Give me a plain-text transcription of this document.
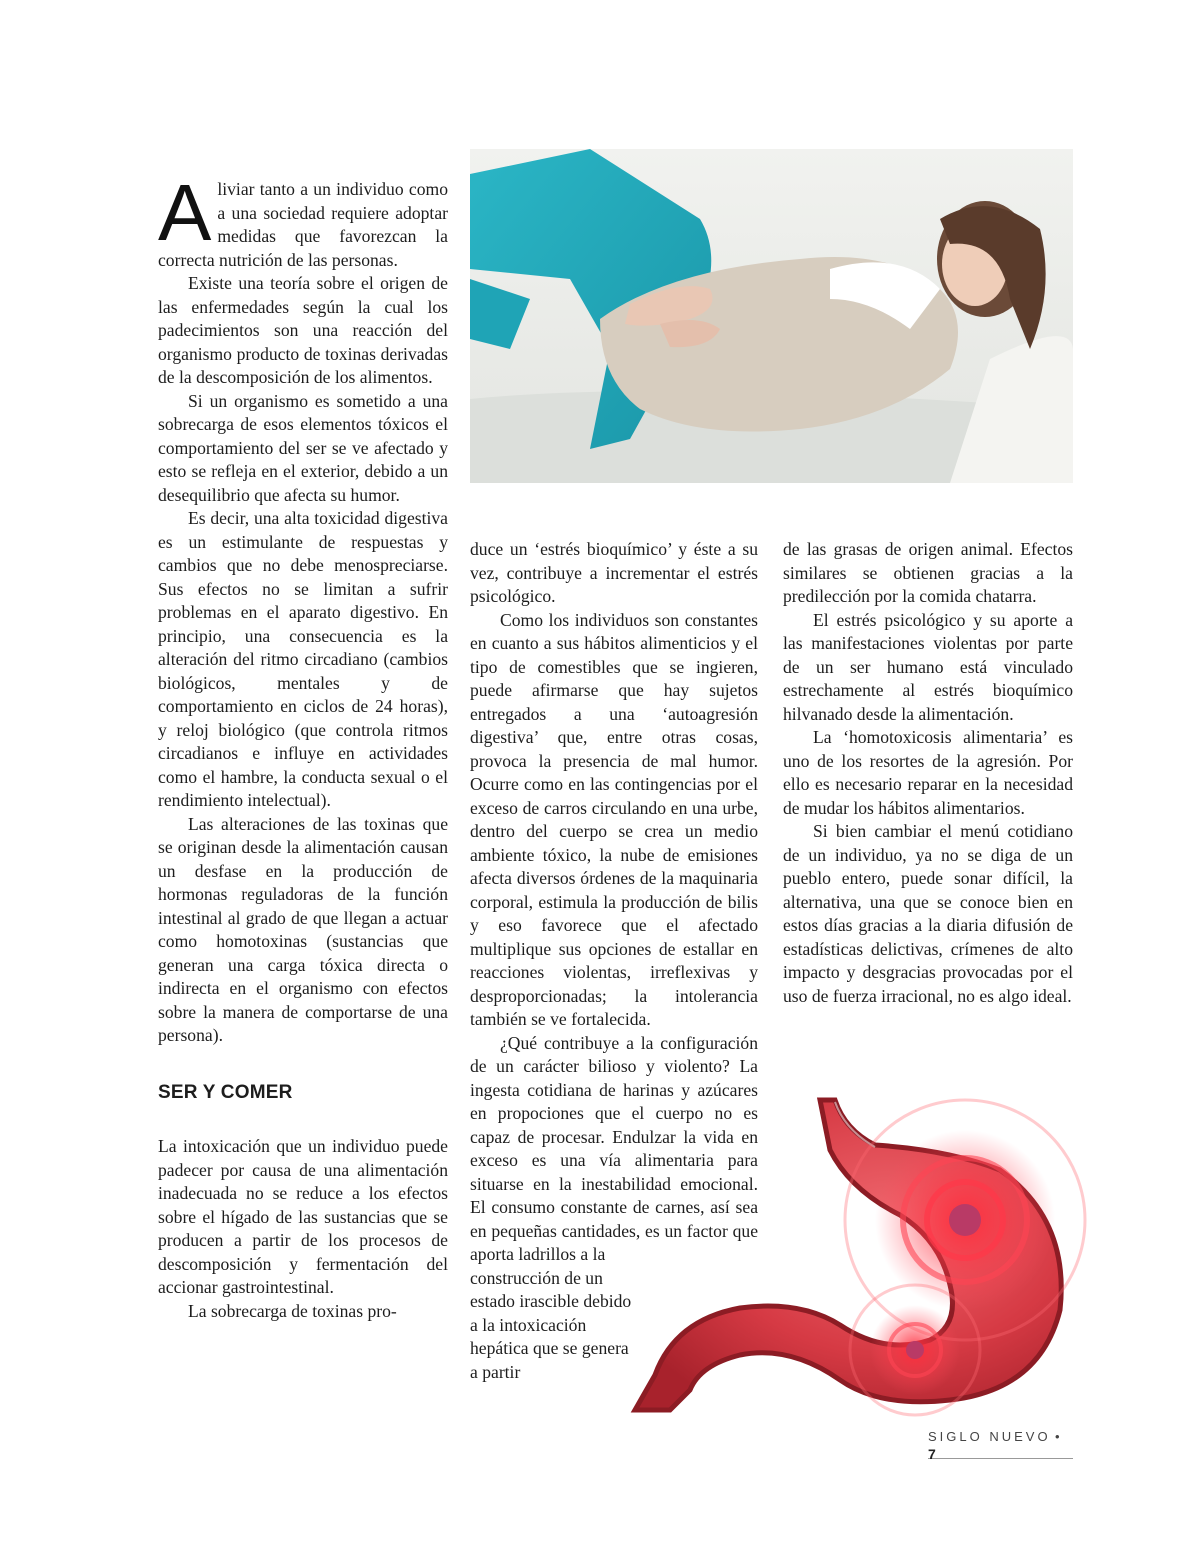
Aliviar tanto a un individuo como a una sociedad requiere adoptar medidas que favorezcan la correcta nutrición de las personas.

Existe una teoría sobre el origen de las enfermedades según la cual los padecimientos son una reacción del organismo producto de toxinas derivadas de la descomposición de los alimentos.

Si un organismo es sometido a una sobrecarga de esos elementos tóxicos el comportamiento del ser se ve afectado y esto se refleja en el exterior, debido a un desequilibrio que afecta su humor.

Es decir, una alta toxicidad digestiva es un estimulante de respuestas y cambios que no debe menospreciarse. Sus efectos no se limitan a sufrir problemas en el aparato digestivo. En principio, una consecuencia es la alteración del ritmo circadiano (cambios biológicos, mentales y de comportamiento en ciclos de 24 horas), y reloj biológico (que controla ritmos circadianos e influye en actividades como el hambre, la conducta sexual o el rendimiento intelectual).

Las alteraciones de las toxinas que se originan desde la alimentación causan un desfase en la producción de hormonas reguladoras de la función intestinal al grado de que llegan a actuar como homotoxinas (sustancias que generan una carga tóxica directa o indirecta en el organismo con efectos sobre la manera de comportarse de una persona).

SER Y COMER

La intoxicación que un individuo puede padecer por causa de una alimentación inadecuada no se reduce a los efectos sobre el hígado de las sustancias que se producen a partir de los procesos de descomposición y fermentación del accionar gastrointestinal.

La sobrecarga de toxinas pro-

duce un ‘estrés bioquímico’ y éste a su vez, contribuye a incrementar el estrés psicológico.

Como los individuos son constantes en cuanto a sus hábitos alimenticios y el tipo de comestibles que se ingieren, puede afirmarse que hay sujetos entregados a una ‘autoagresión digestiva’ que, entre otras cosas, provoca la presencia de mal humor. Ocurre como en las contingencias por el exceso de carros circulando en una urbe, dentro del cuerpo se crea un medio ambiente tóxico, la nube de emisiones afecta diversos órdenes de la maquinaria corporal, estimula la producción de bilis y eso favorece que el afectado multiplique sus opciones de estallar en reacciones violentas, irreflexivas y desproporcionadas; la intolerancia también se ve fortalecida.

¿Qué contribuye a la configuración de un carácter bilioso y violento? La ingesta cotidiana de harinas y azúcares en propociones que el cuerpo no es capaz de procesar. Endulzar la vida en exceso es una vía alimentaria para situarse en la inestabilidad emocional. El consumo constante de carnes, así sea en pequeñas cantidades, es un factor que aporta ladrillos a la

construcción de un estado irascible debido a la intoxicación hepática que se genera a partir

de las grasas de origen animal. Efectos similares se obtienen gracias a la predilección por la comida chatarra.

El estrés psicológico y su aporte a las manifestaciones violentas por parte de un ser humano está vinculado estrechamente al estrés bioquímico hilvanado desde la alimentación.

La ‘homotoxicosis alimentaria’ es uno de los resortes de la agresión. Por ello es necesario reparar en la necesidad de mudar los hábitos alimentarios.

Si bien cambiar el menú cotidiano de un individuo, ya no se diga de un pueblo entero, puede sonar difícil, la alternativa, una que se conoce bien en estos días gracias a la diaria difusión de estadísticas delictivas, crímenes de alto impacto y desgracias provocadas por el uso de fuerza irracional, no es algo ideal.

SIGLO NUEVO • 7
